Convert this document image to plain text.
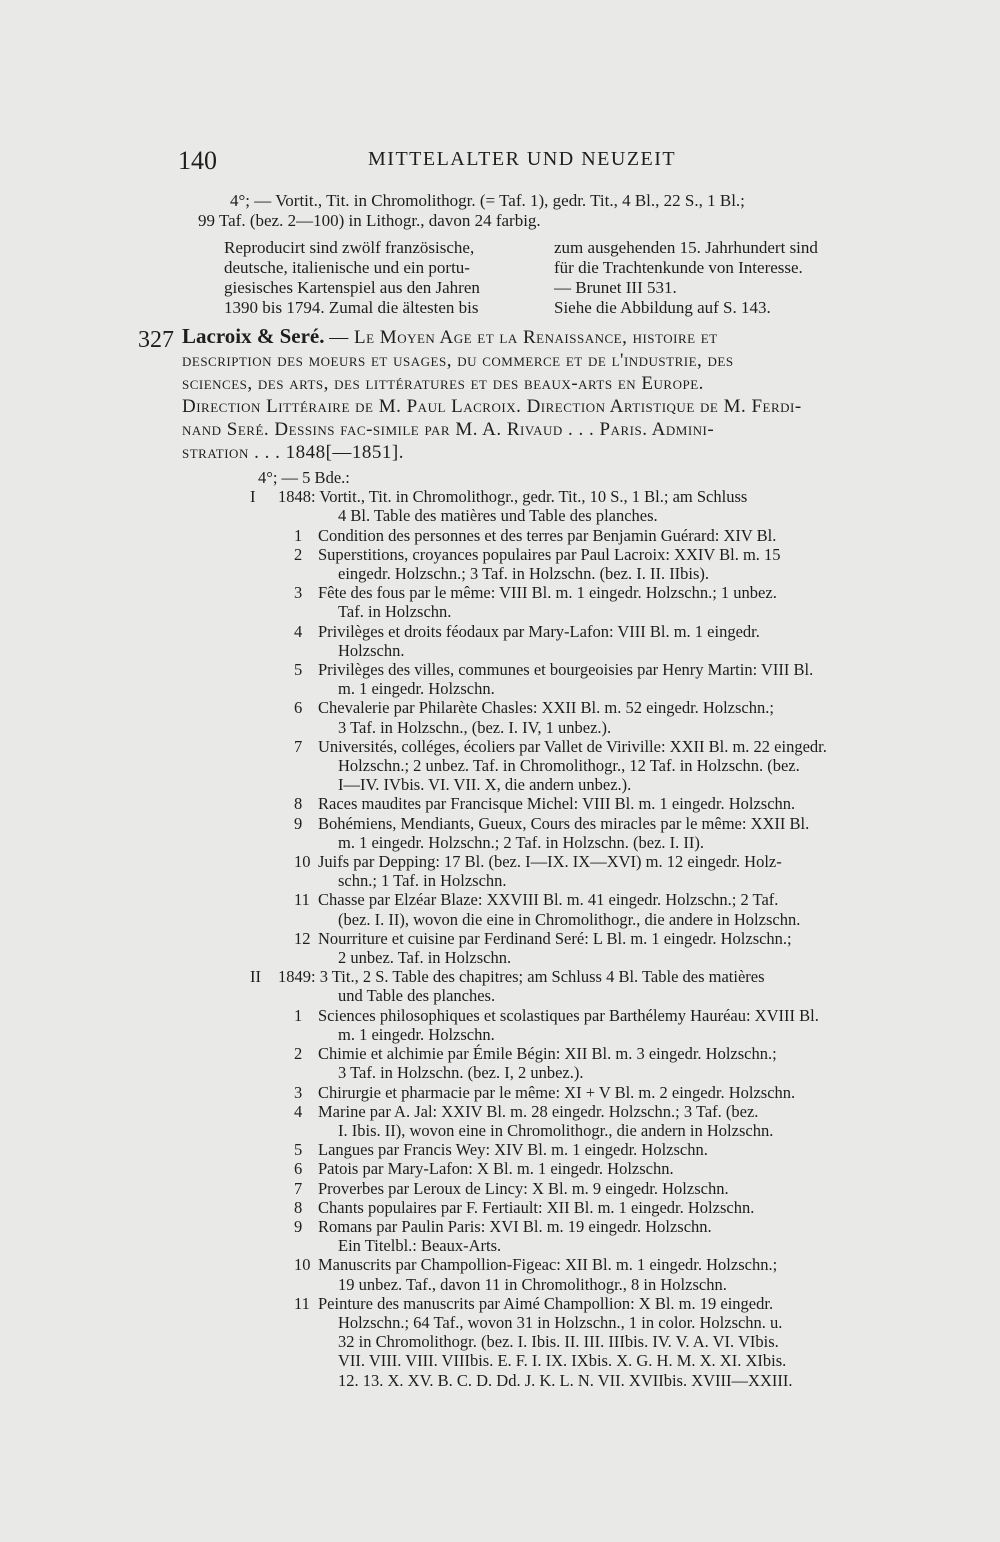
140	MITTELALTER UND NEUZEIT
4°; — Vortit., Tit. in Chromolithogr. (= Taf. 1), gedr. Tit., 4 Bl., 22 S., 1 Bl.;
99 Taf. (bez. 2—100) in Lithogr., davon 24 farbig.
Reproducirt sind zwölf französische,
deutsche, italienische und ein portu-
giesisches Kartenspiel aus den Jahren
1390 bis 1794. Zumal die ältesten bis
zum ausgehenden 15. Jahrhundert sind
für die Trachtenkunde von Interesse.
— Brunet III 531.
Siehe die Abbildung auf S. 143.
327 Lacroix & Seré. — Le Moyen Age et la Renaissance, histoire et
description des moeurs et usages, du commerce et de l'industrie, des
sciences, des arts, des littératures et des beaux-arts en Europe.
Direction Littéraire de M. Paul Lacroix. Direction Artistique de M. Ferdi-
nand Seré. Dessins fac-simile par M. A. Rivaud . . . Paris. Admini-
stration . . . 1848[—1851].
4°; — 5 Bde.:
I 1848: Vortit., Tit. in Chromolithogr., gedr. Tit., 10 S., 1 Bl.; am Schluss
4 Bl. Table des matières und Table des planches.
1 Condition des personnes et des terres par Benjamin Guérard: XIV Bl.
2 Superstitions, croyances populaires par Paul Lacroix: XXIV Bl. m. 15
eingedr. Holzschn.; 3 Taf. in Holzschn. (bez. I. II. IIbis).
3 Fête des fous par le même: VIII Bl. m. 1 eingedr. Holzschn.; 1 unbez.
Taf. in Holzschn.
4 Privilèges et droits féodaux par Mary-Lafon: VIII Bl. m. 1 eingedr.
Holzschn.
5 Privilèges des villes, communes et bourgeoisies par Henry Martin: VIII Bl.
m. 1 eingedr. Holzschn.
6 Chevalerie par Philarète Chasles: XXII Bl. m. 52 eingedr. Holzschn.;
3 Taf. in Holzschn., (bez. I. IV, 1 unbez.).
7 Universités, colléges, écoliers par Vallet de Viriville: XXII Bl. m. 22 eingedr.
Holzschn.; 2 unbez. Taf. in Chromolithogr., 12 Taf. in Holzschn. (bez.
I—IV. IVbis. VI. VII. X, die andern unbez.).
8 Races maudites par Francisque Michel: VIII Bl. m. 1 eingedr. Holzschn.
9 Bohémiens, Mendiants, Gueux, Cours des miracles par le même: XXII Bl.
m. 1 eingedr. Holzschn.; 2 Taf. in Holzschn. (bez. I. II).
10 Juifs par Depping: 17 Bl. (bez. I—IX. IX—XVI) m. 12 eingedr. Holz-
schn.; 1 Taf. in Holzschn.
11 Chasse par Elzéar Blaze: XXVIII Bl. m. 41 eingedr. Holzschn.; 2 Taf.
(bez. I. II), wovon die eine in Chromolithogr., die andere in Holzschn.
12 Nourriture et cuisine par Ferdinand Seré: L Bl. m. 1 eingedr. Holzschn.;
2 unbez. Taf. in Holzschn.
II 1849: 3 Tit., 2 S. Table des chapitres; am Schluss 4 Bl. Table des matières
und Table des planches.
1 Sciences philosophiques et scolastiques par Barthélemy Hauréau: XVIII Bl.
m. 1 eingedr. Holzschn.
2 Chimie et alchimie par Émile Bégin: XII Bl. m. 3 eingedr. Holzschn.;
3 Taf. in Holzschn. (bez. I, 2 unbez.).
3 Chirurgie et pharmacie par le même: XI + V Bl. m. 2 eingedr. Holzschn.
4 Marine par A. Jal: XXIV Bl. m. 28 eingedr. Holzschn.; 3 Taf. (bez.
I. Ibis. II), wovon eine in Chromolithogr., die andern in Holzschn.
5 Langues par Francis Wey: XIV Bl. m. 1 eingedr. Holzschn.
6 Patois par Mary-Lafon: X Bl. m. 1 eingedr. Holzschn.
7 Proverbes par Leroux de Lincy: X Bl. m. 9 eingedr. Holzschn.
8 Chants populaires par F. Fertiault: XII Bl. m. 1 eingedr. Holzschn.
9 Romans par Paulin Paris: XVI Bl. m. 19 eingedr. Holzschn.
Ein Titelbl.: Beaux-Arts.
10 Manuscrits par Champollion-Figeac: XII Bl. m. 1 eingedr. Holzschn.;
19 unbez. Taf., davon 11 in Chromolithogr., 8 in Holzschn.
11 Peinture des manuscrits par Aimé Champollion: X Bl. m. 19 eingedr.
Holzschn.; 64 Taf., wovon 31 in Holzschn., 1 in color. Holzschn. u.
32 in Chromolithogr. (bez. I. Ibis. II. III. IIIbis. IV. V. A. VI. VIbis.
VII. VIII. VIII. VIIIbis. E. F. I. IX. IXbis. X. G. H. M. X. XI. XIbis.
12. 13. X. XV. B. C. D. Dd. J. K. L. N. VII. XVIIbis. XVIII—XXIII.
